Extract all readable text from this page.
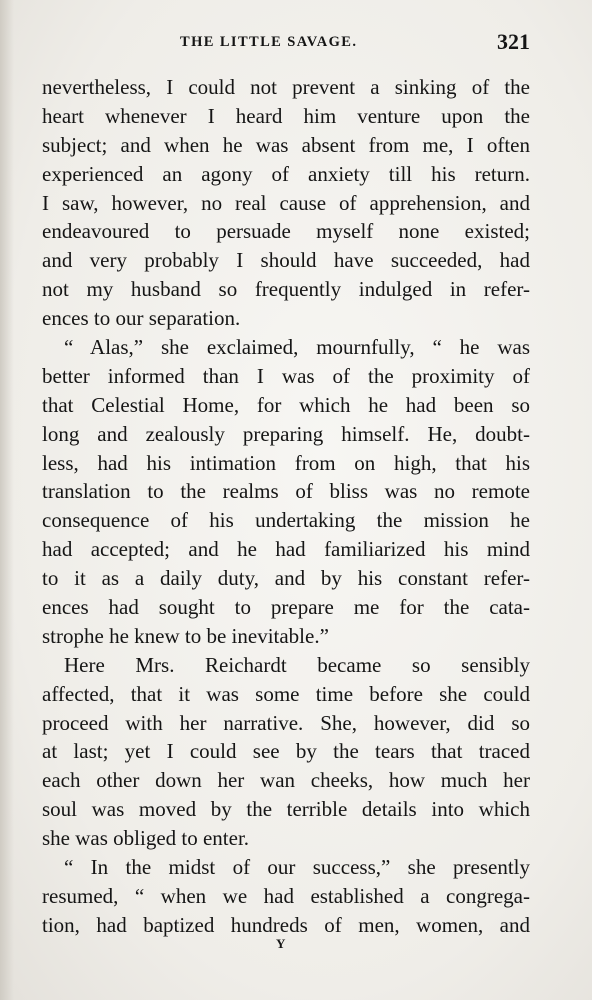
THE LITTLE SAVAGE.	321
nevertheless, I could not prevent a sinking of the
heart whenever I heard him venture upon the
subject; and when he was absent from me, I often
experienced an agony of anxiety till his return.
I saw, however, no real cause of apprehension, and
endeavoured to persuade myself none existed;
and very probably I should have succeeded, had
not my husband so frequently indulged in refer-
ences to our separation.
“ Alas,” she exclaimed, mournfully, “ he was
better informed than I was of the proximity of
that Celestial Home, for which he had been so
long and zealously preparing himself. He, doubt-
less, had his intimation from on high, that his
translation to the realms of bliss was no remote
consequence of his undertaking the mission he
had accepted; and he had familiarized his mind
to it as a daily duty, and by his constant refer-
ences had sought to prepare me for the cata-
strophe he knew to be inevitable.”
Here Mrs. Reichardt became so sensibly
affected, that it was some time before she could
proceed with her narrative. She, however, did so
at last; yet I could see by the tears that traced
each other down her wan cheeks, how much her
soul was moved by the terrible details into which
she was obliged to enter.
“ In the midst of our success,” she presently
resumed, “ when we had established a congrega-
tion, had baptized hundreds of men, women, and
Y
